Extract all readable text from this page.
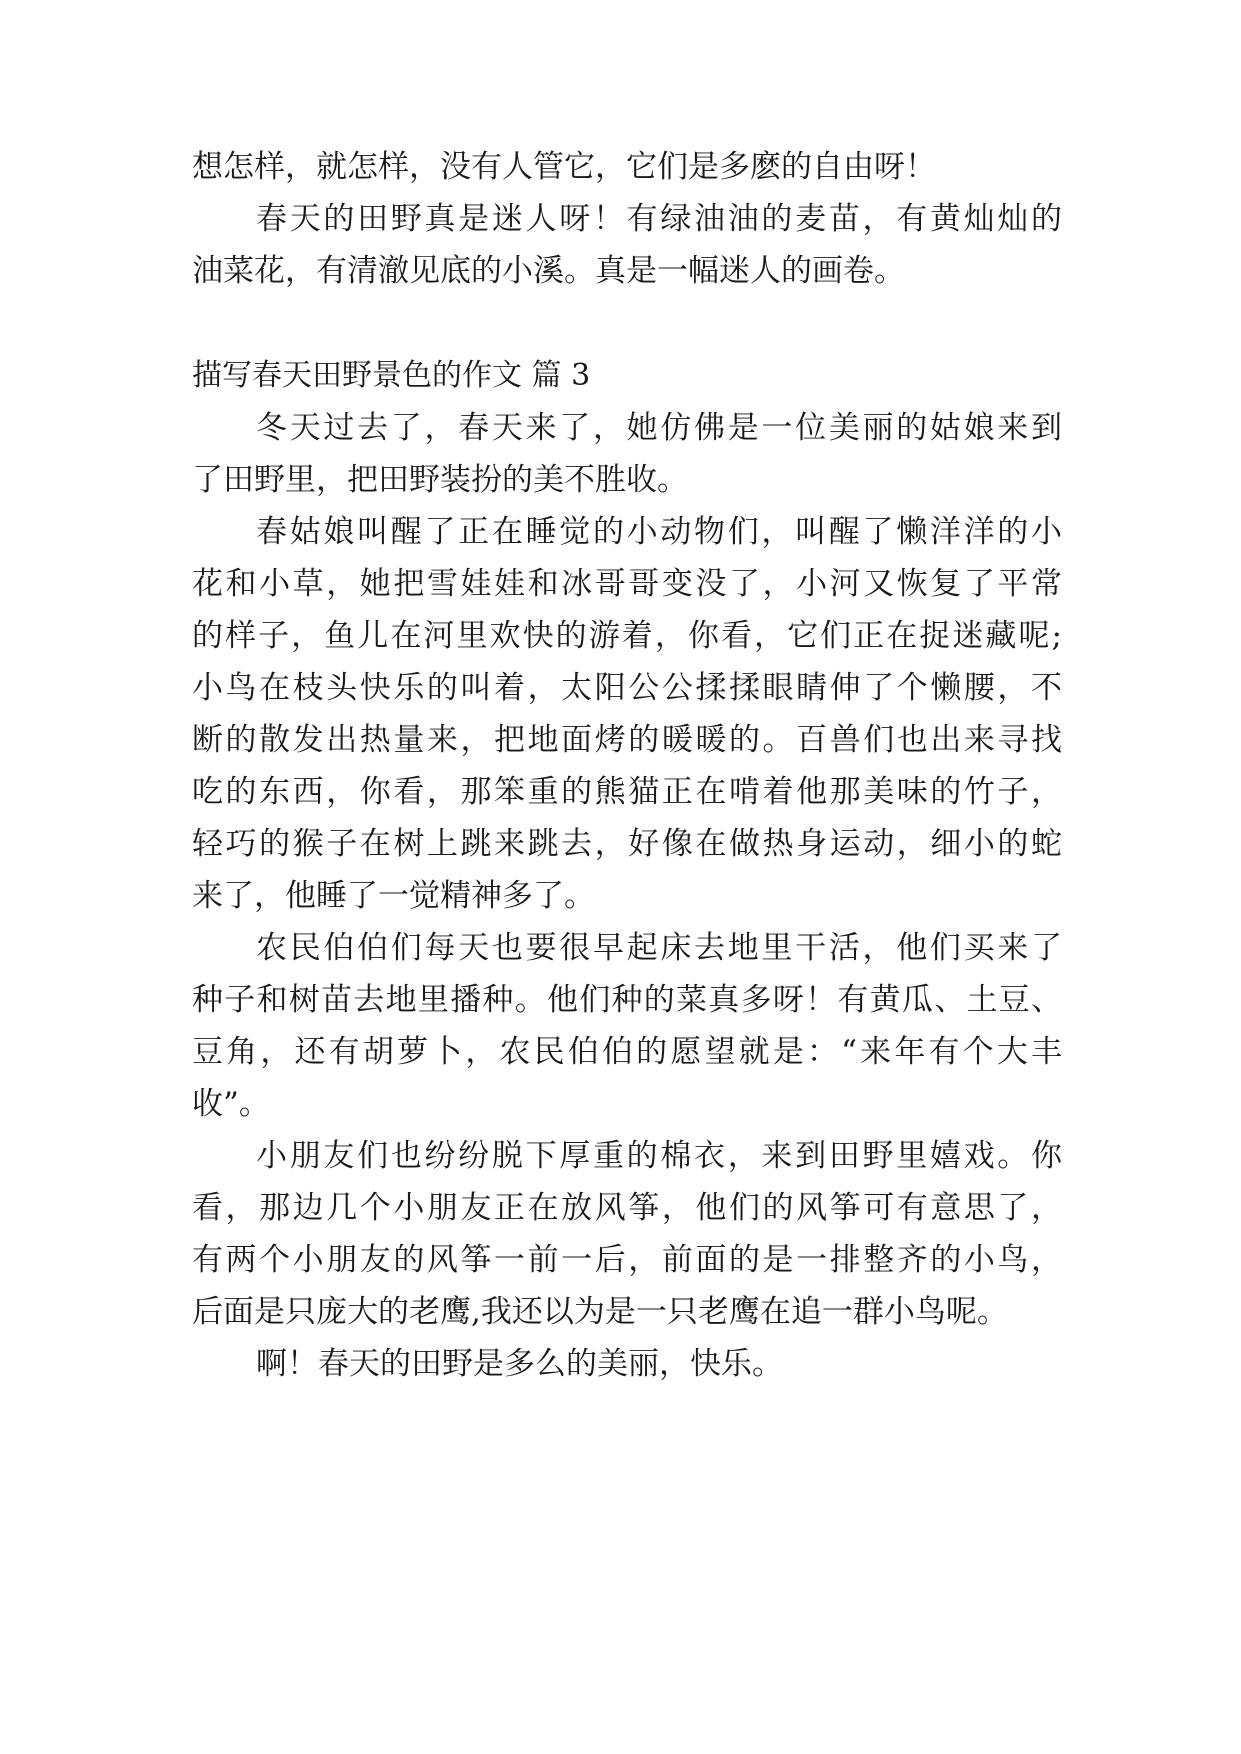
想怎样，就怎样，没有人管它，它们是多麽的自由呀！
春天的田野真是迷人呀！有绿油油的麦苗，有黄灿灿的
油菜花，有清澈见底的小溪。真是一幅迷人的画卷。
描写春天田野景色的作文 篇 3
冬天过去了，春天来了，她仿佛是一位美丽的姑娘来到
了田野里，把田野装扮的美不胜收。
春姑娘叫醒了正在睡觉的小动物们，叫醒了懒洋洋的小
花和小草，她把雪娃娃和冰哥哥变没了，小河又恢复了平常
的样子，鱼儿在河里欢快的游着，你看，它们正在捉迷藏呢;
小鸟在枝头快乐的叫着，太阳公公揉揉眼睛伸了个懒腰，不
断的散发出热量来，把地面烤的暖暖的。百兽们也出来寻找
吃的东西，你看，那笨重的熊猫正在啃着他那美味的竹子，
轻巧的猴子在树上跳来跳去，好像在做热身运动，细小的蛇
来了，他睡了一觉精神多了。
农民伯伯们每天也要很早起床去地里干活，他们买来了
种子和树苗去地里播种。他们种的菜真多呀！有黄瓜、土豆、
豆角，还有胡萝卜，农民伯伯的愿望就是：“来年有个大丰
收”。
小朋友们也纷纷脱下厚重的棉衣，来到田野里嬉戏。你
看，那边几个小朋友正在放风筝，他们的风筝可有意思了，
有两个小朋友的风筝一前一后，前面的是一排整齐的小鸟，
后面是只庞大的老鹰,我还以为是一只老鹰在追一群小鸟呢。
啊！春天的田野是多么的美丽，快乐。
